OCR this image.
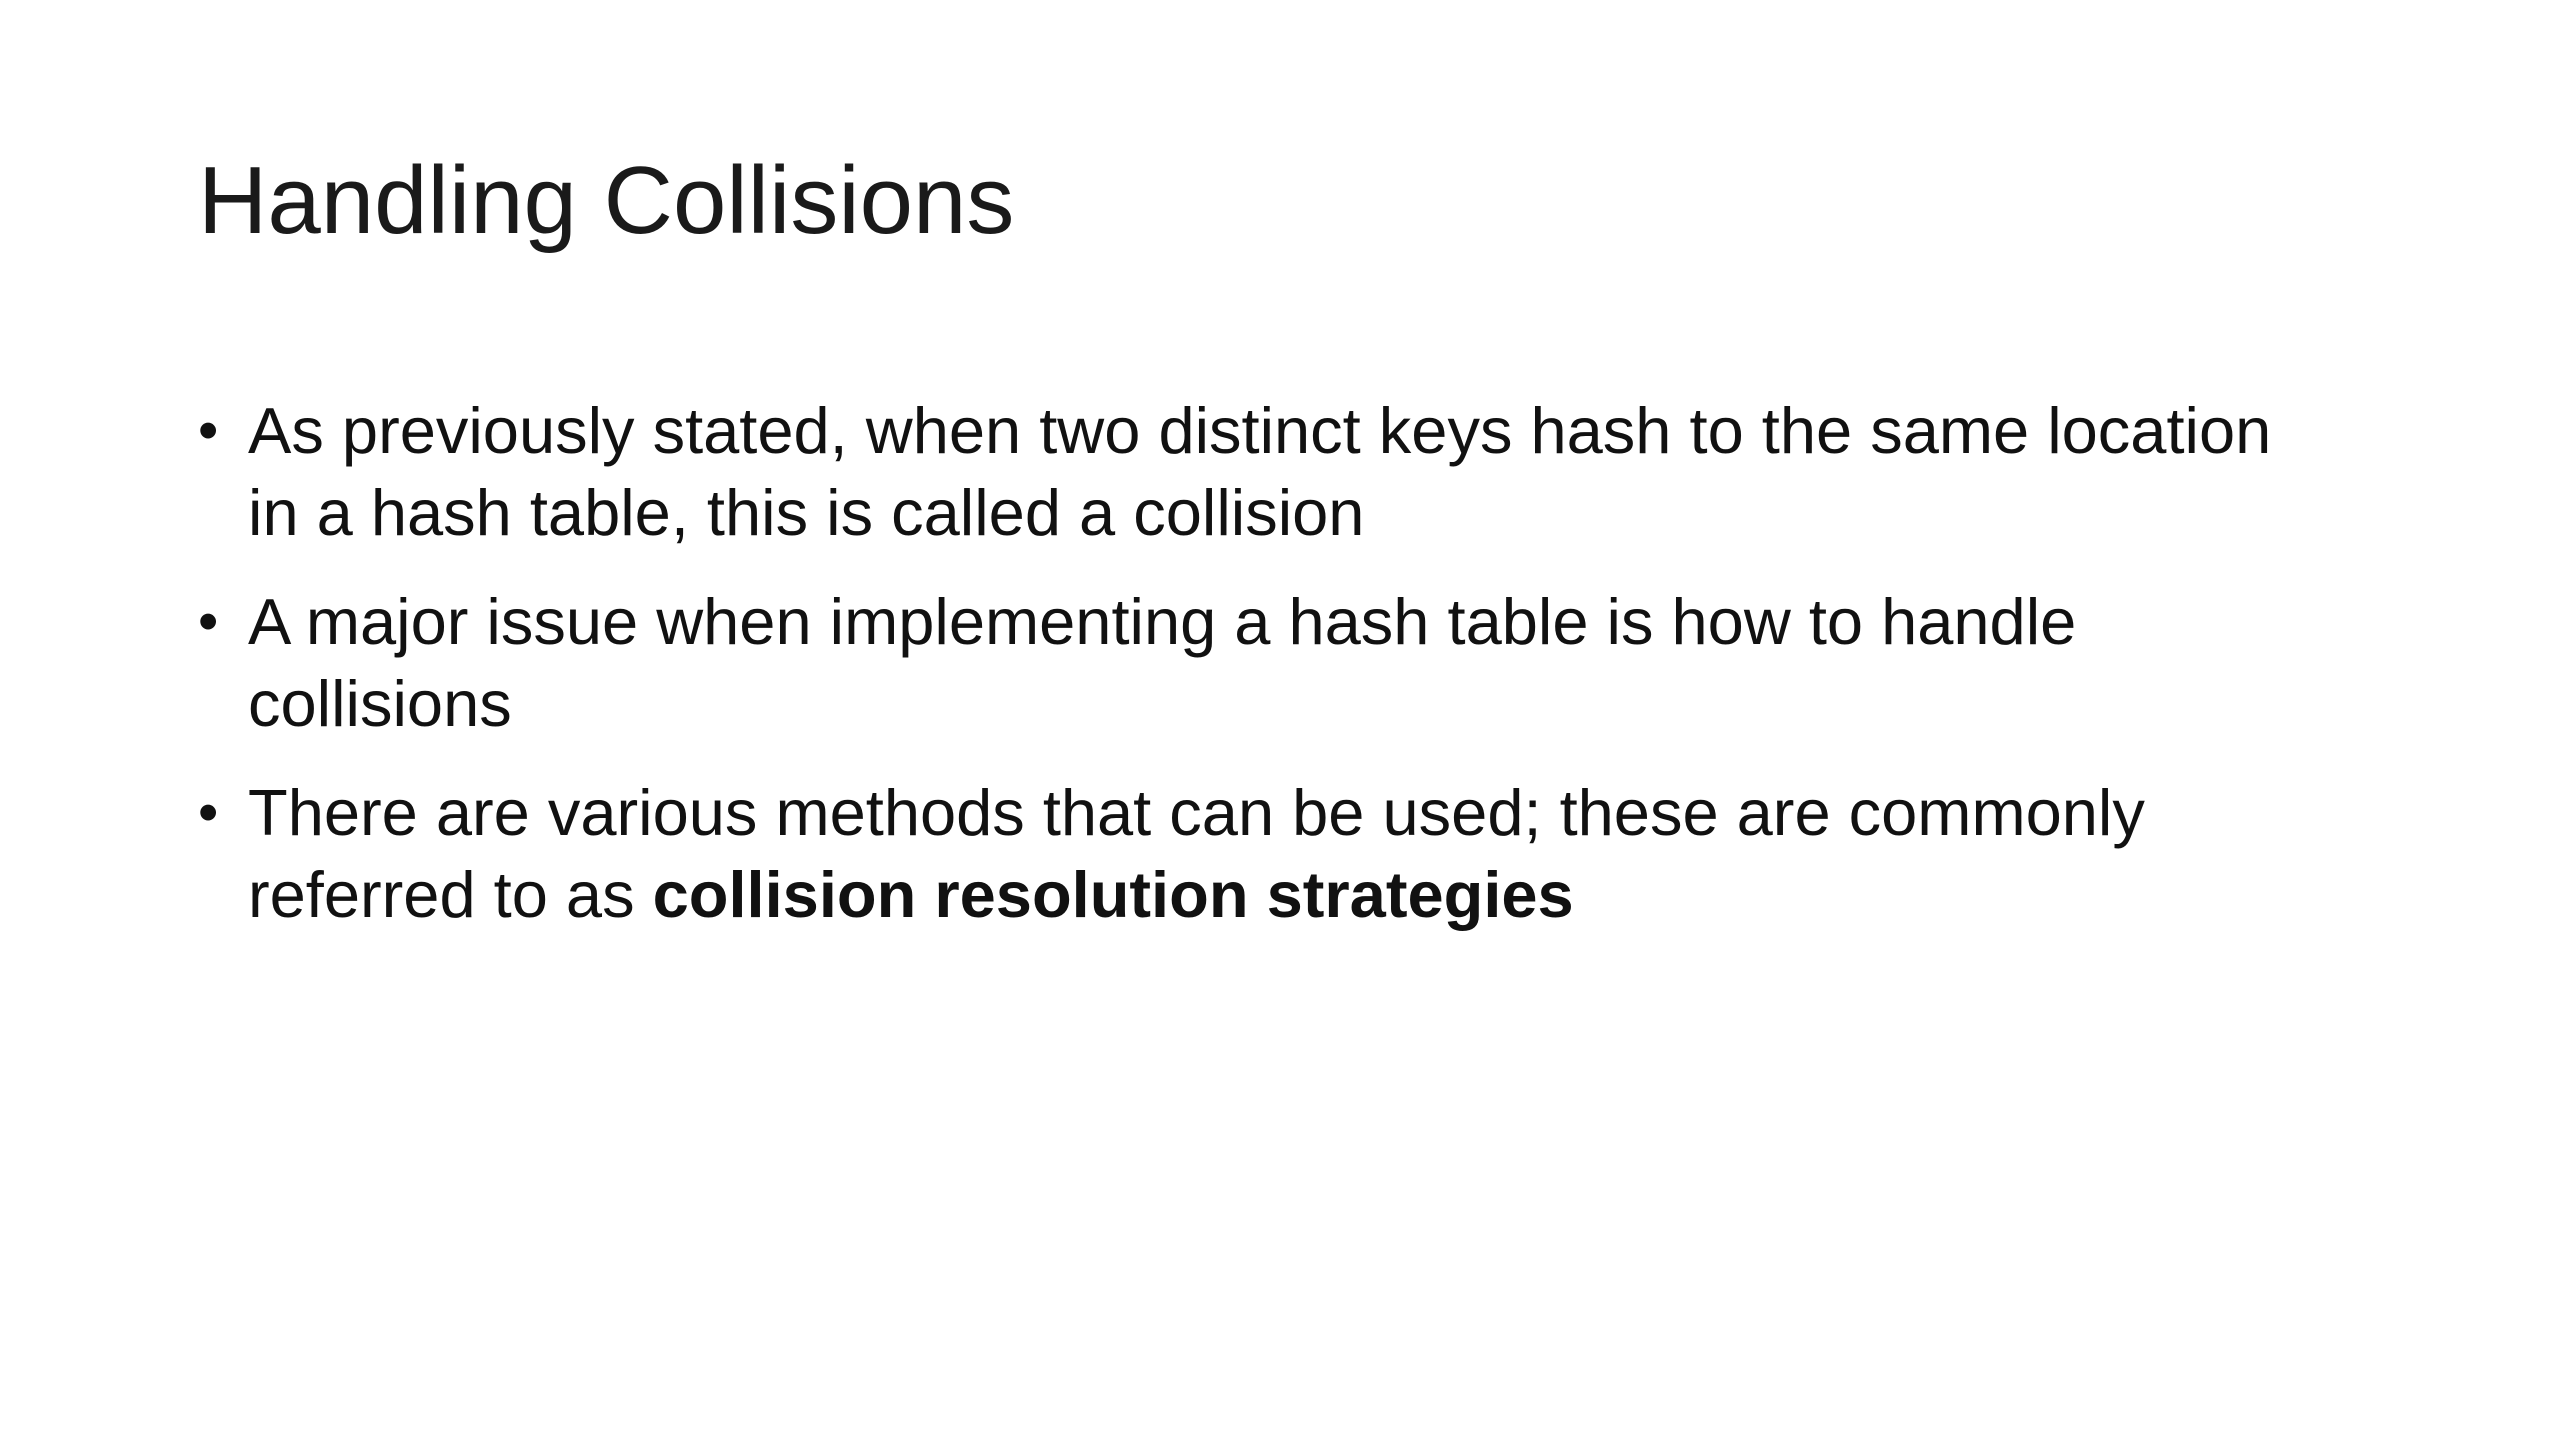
Handling Collisions
• As previously stated, when two distinct keys hash to the same location in a hash table, this is called a collision
• A major issue when implementing a hash table is how to handle collisions
• There are various methods that can be used; these are commonly referred to as collision resolution strategies
